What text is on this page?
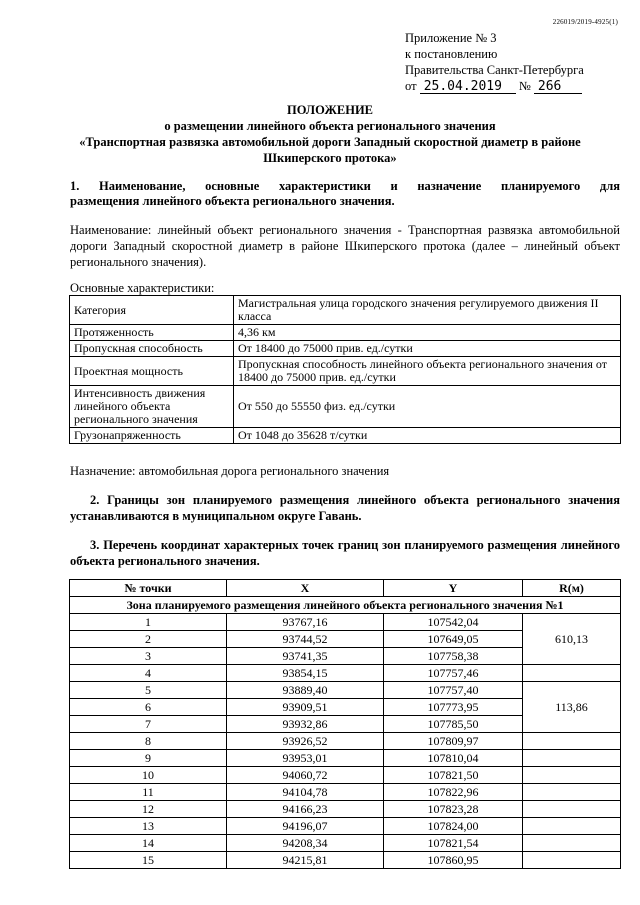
226019/2019-4925(1)
Приложение № 3
к постановлению
Правительства Санкт-Петербурга
от 25.04.2019 № 266
ПОЛОЖЕНИЕ
о размещении линейного объекта регионального значения
«Транспортная развязка автомобильной дороги Западный скоростной диаметр в районе
Шкиперского протока»
1. Наименование, основные характеристики и назначение планируемого для
размещения линейного объекта регионального значения.
Наименование: линейный объект регионального значения - Транспортная развязка автомобильной дороги Западный скоростной диаметр в районе Шкиперского протока (далее – линейный объект регионального значения).
Основные характеристики:
Категория	Магистральная улица городского значения регулируемого движения II класса
Протяженность	4,36 км
Пропускная способность	От 18400 до 75000 прив. ед./сутки
Проектная мощность	Пропускная способность линейного объекта регионального значения от 18400 до 75000 прив. ед./сутки
Интенсивность движения линейного объекта регионального значения	От 550 до 55550 физ. ед./сутки
Грузонапряженность	От 1048 до 35628 т/сутки
Назначение: автомобильная дорога регионального значения
2. Границы зон планируемого размещения линейного объекта регионального значения устанавливаются в муниципальном округе Гавань.
3. Перечень координат характерных точек границ зон планируемого размещения линейного объекта регионального значения.
№ точки	X	Y	R(м)
Зона планируемого размещения линейного объекта регионального значения №1			
1	93767,16	107542,04	610,13
2	93744,52	107649,05	
3	93741,35	107758,38	
4	93854,15	107757,46	
5	93889,40	107757,40	113,86
6	93909,51	107773,95	
7	93932,86	107785,50	
8	93926,52	107809,97	
9	93953,01	107810,04	
10	94060,72	107821,50	
11	94104,78	107822,96	
12	94166,23	107823,28	
13	94196,07	107824,00	
14	94208,34	107821,54	
15	94215,81	107860,95	
